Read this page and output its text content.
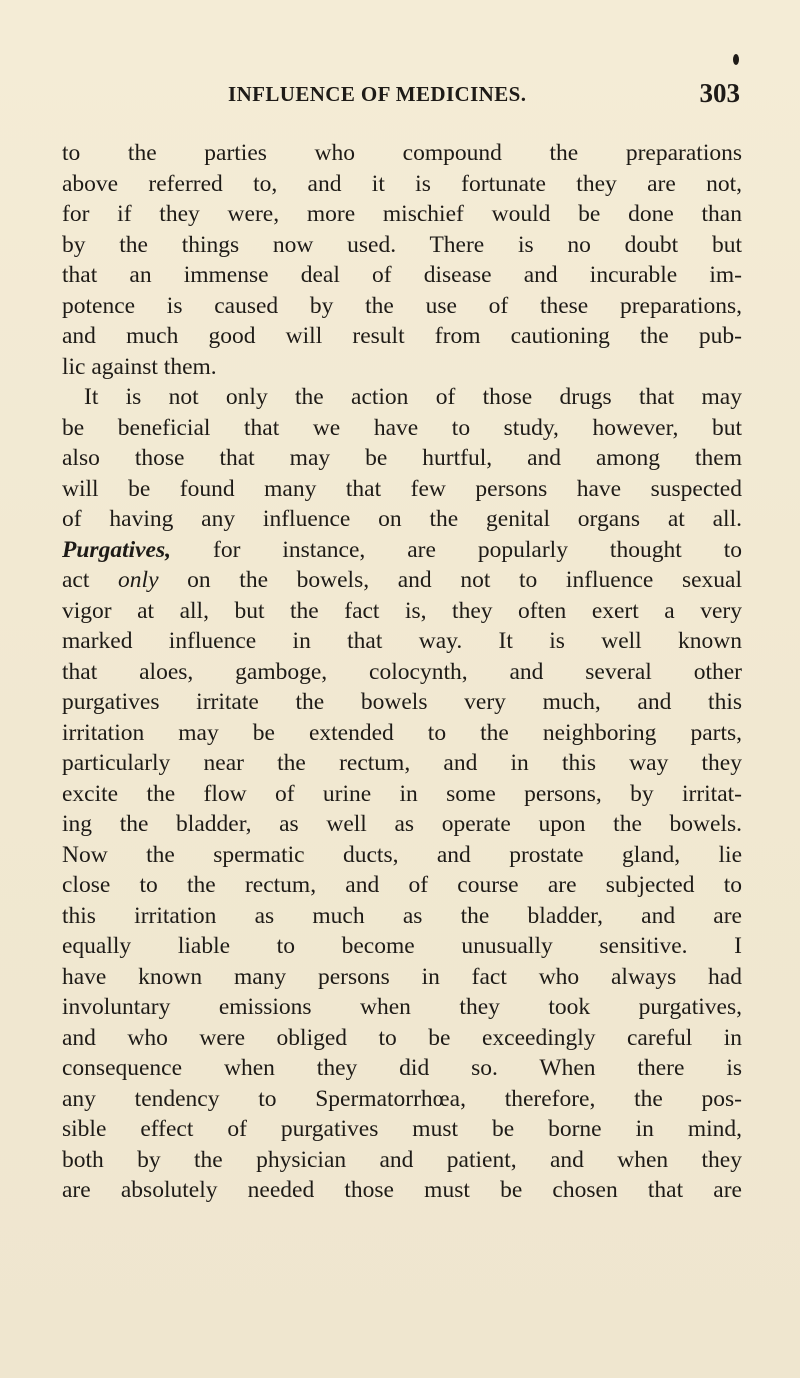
INFLUENCE OF MEDICINES.	303
to the parties who compound the preparations
above referred to, and it is fortunate they are not,
for if they were, more mischief would be done than
by the things now used. There is no doubt but
that an immense deal of disease and incurable im-
potence is caused by the use of these preparations,
and much good will result from cautioning the pub-
lic against them.
It is not only the action of those drugs that may
be beneficial that we have to study, however, but
also those that may be hurtful, and among them
will be found many that few persons have suspected
of having any influence on the genital organs at all.
Purgatives, for instance, are popularly thought to
act only on the bowels, and not to influence sexual
vigor at all, but the fact is, they often exert a very
marked influence in that way. It is well known
that aloes, gamboge, colocynth, and several other
purgatives irritate the bowels very much, and this
irritation may be extended to the neighboring parts,
particularly near the rectum, and in this way they
excite the flow of urine in some persons, by irritat-
ing the bladder, as well as operate upon the bowels.
Now the spermatic ducts, and prostate gland, lie
close to the rectum, and of course are subjected to
this irritation as much as the bladder, and are
equally liable to become unusually sensitive. I
have known many persons in fact who always had
involuntary emissions when they took purgatives,
and who were obliged to be exceedingly careful in
consequence when they did so. When there is
any tendency to Spermatorrhœa, therefore, the pos-
sible effect of purgatives must be borne in mind,
both by the physician and patient, and when they
are absolutely needed those must be chosen that are
